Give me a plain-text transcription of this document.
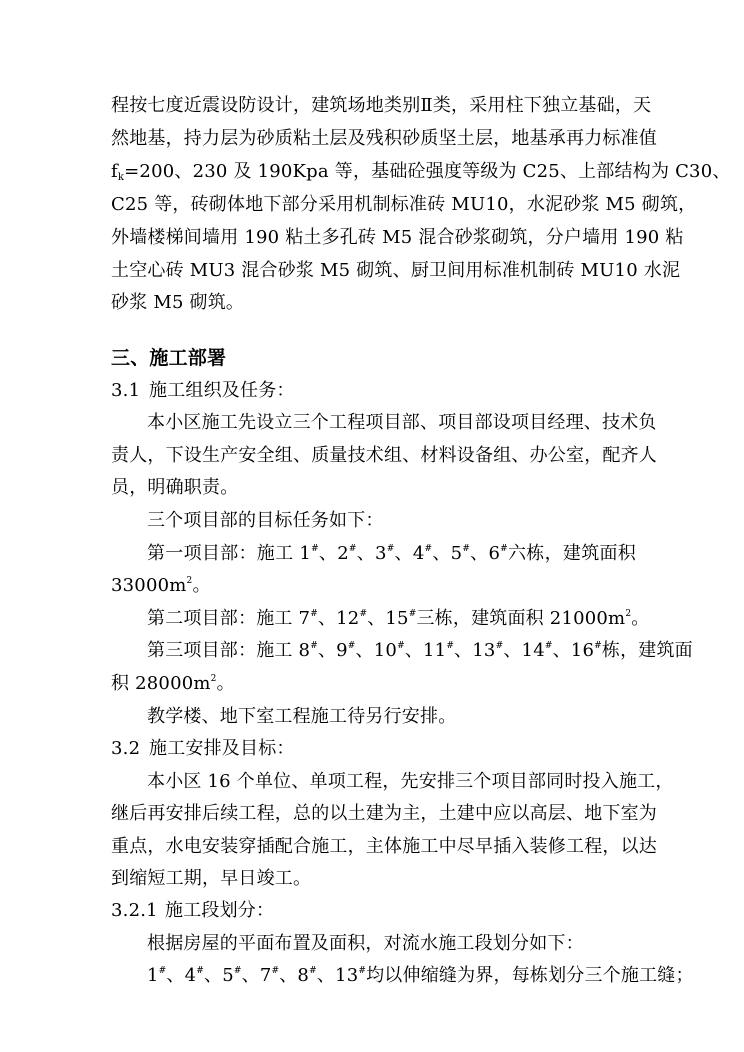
程按七度近震设防设计，建筑场地类别Ⅱ类，采用柱下独立基础，天
然地基，持力层为砂质粘土层及残积砂质坚土层，地基承再力标准值
$f_k=200$、230 及 190Kpa 等，基础砼强度等级为 C25、上部结构为 C30、
C25 等，砖砌体地下部分采用机制标准砖 MU10，水泥砂浆 M5 砌筑，
外墙楼梯间墙用 190 粘土多孔砖 M5 混合砂浆砌筑，分户墙用 190 粘
土空心砖 MU3 混合砂浆 M5 砌筑、厨卫间用标准机制砖 MU10 水泥
砂浆 M5 砌筑。
三、施工部署
3.1 施工组织及任务：
本小区施工先设立三个工程项目部、项目部设项目经理、技术负
责人，下设生产安全组、质量技术组、材料设备组、办公室，配齐人
员，明确职责。
三个项目部的目标任务如下：
第一项目部：施工 1#、2#、3#、4#、5#、6#六栋，建筑面积
$33000m^2$。
第二项目部：施工 7#、12#、15#三栋，建筑面积 $21000m^2$。
第三项目部：施工 8#、9#、10#、11#、13#、14#、16#栋，建筑面
积 $28000m^2$。
教学楼、地下室工程施工待另行安排。
3.2 施工安排及目标：
本小区 16 个单位、单项工程，先安排三个项目部同时投入施工，
继后再安排后续工程，总的以土建为主，土建中应以高层、地下室为
重点，水电安装穿插配合施工，主体施工中尽早插入装修工程，以达
到缩短工期，早日竣工。
3.2.1 施工段划分：
根据房屋的平面布置及面积，对流水施工段划分如下：
1#、4#、5#、7#、8#、13#均以伸缩缝为界，每栋划分三个施工缝；
